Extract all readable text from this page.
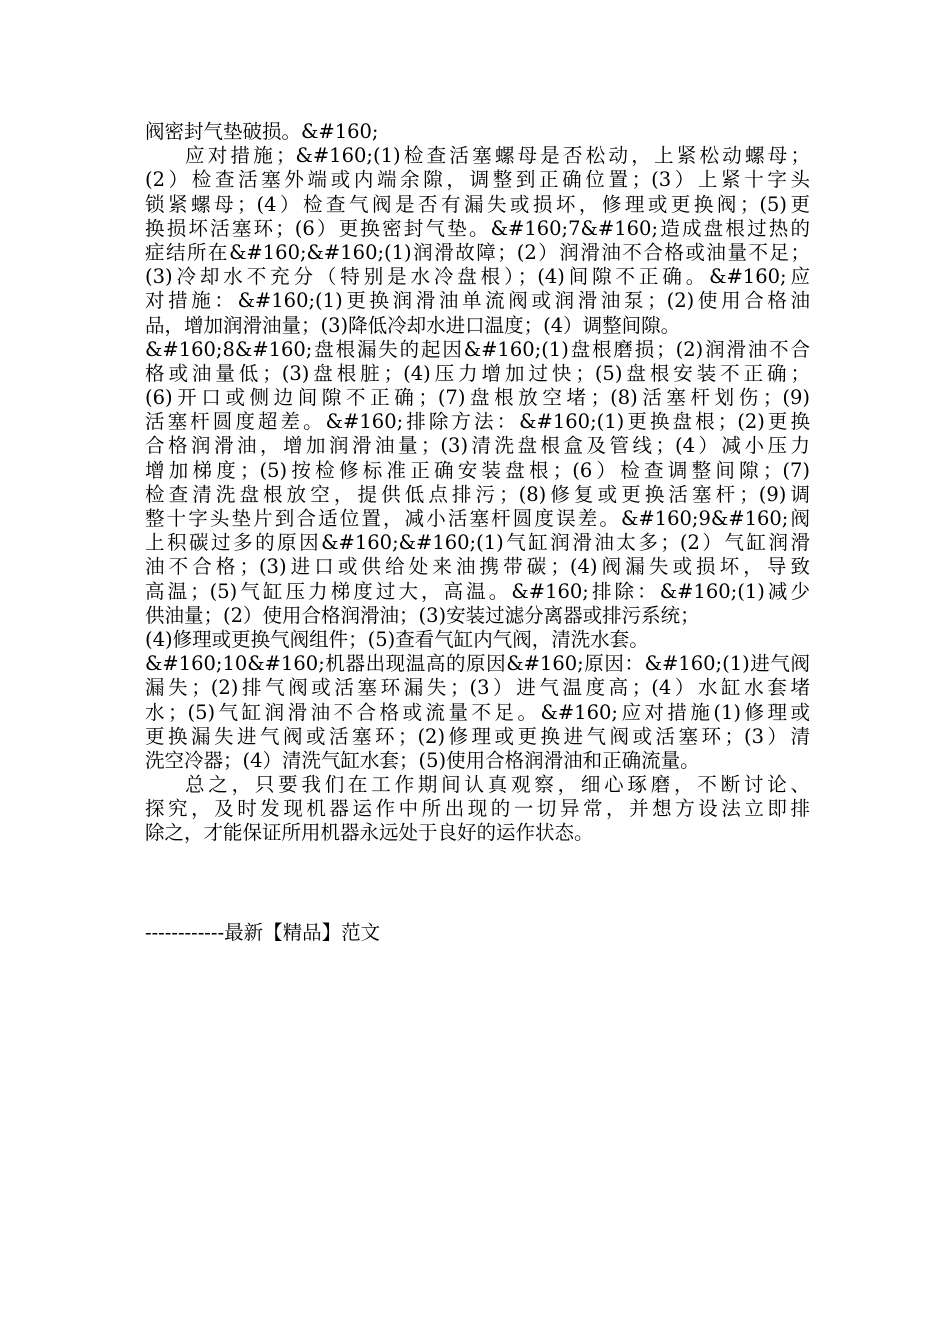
阀密封气垫破损。&#160;
应对措施；&#160;(1)检查活塞螺母是否松动，上紧松动螺母；
(2）检查活塞外端或内端余隙，调整到正确位置；(3）上紧十字头
锁紧螺母；(4）检查气阀是否有漏失或损坏，修理或更换阀；(5)更
换损坏活塞环；(6）更换密封气垫。&#160;7&#160;造成盘根过热的
症结所在&#160;&#160;(1)润滑故障；(2）润滑油不合格或油量不足；
(3)冷却水不充分（特别是水冷盘根）；(4)间隙不正确。&#160;应
对措施：&#160;(1)更换润滑油单流阀或润滑油泵；(2)使用合格油
品，增加润滑油量；(3)降低冷却水进口温度；(4）调整间隙。
&#160;8&#160;盘根漏失的起因&#160;(1)盘根磨损；(2)润滑油不合
格或油量低；(3)盘根脏；(4)压力增加过快；(5)盘根安装不正确；
(6)开口或侧边间隙不正确；(7)盘根放空堵；(8)活塞杆划伤；(9)
活塞杆圆度超差。&#160;排除方法：&#160;(1)更换盘根；(2)更换
合格润滑油，增加润滑油量；(3)清洗盘根盒及管线；(4）减小压力
增加梯度；(5)按检修标准正确安装盘根；(6）检查调整间隙；(7)
检查清洗盘根放空，提供低点排污；(8)修复或更换活塞杆；(9)调
整十字头垫片到合适位置，减小活塞杆圆度误差。&#160;9&#160;阀
上积碳过多的原因&#160;&#160;(1)气缸润滑油太多；(2）气缸润滑
油不合格；(3)进口或供给处来油携带碳；(4)阀漏失或损坏，导致
高温；(5)气缸压力梯度过大，高温。&#160;排除：&#160;(1)减少
供油量；(2）使用合格润滑油；(3)安装过滤分离器或排污系统；
(4)修理或更换气阀组件；(5)查看气缸内气阀，清洗水套。
&#160;10&#160;机器出现温高的原因&#160;原因：&#160;(1)进气阀
漏失；(2)排气阀或活塞环漏失；(3）进气温度高；(4）水缸水套堵
水；(5)气缸润滑油不合格或流量不足。&#160;应对措施(1)修理或
更换漏失进气阀或活塞环；(2)修理或更换进气阀或活塞环；(3）清
洗空冷器；(4）清洗气缸水套；(5)使用合格润滑油和正确流量。
总之，只要我们在工作期间认真观察，细心琢磨，不断讨论、
探究，及时发现机器运作中所出现的一切异常，并想方设法立即排
除之，才能保证所用机器永远处于良好的运作状态。
------------最新【精品】范文
